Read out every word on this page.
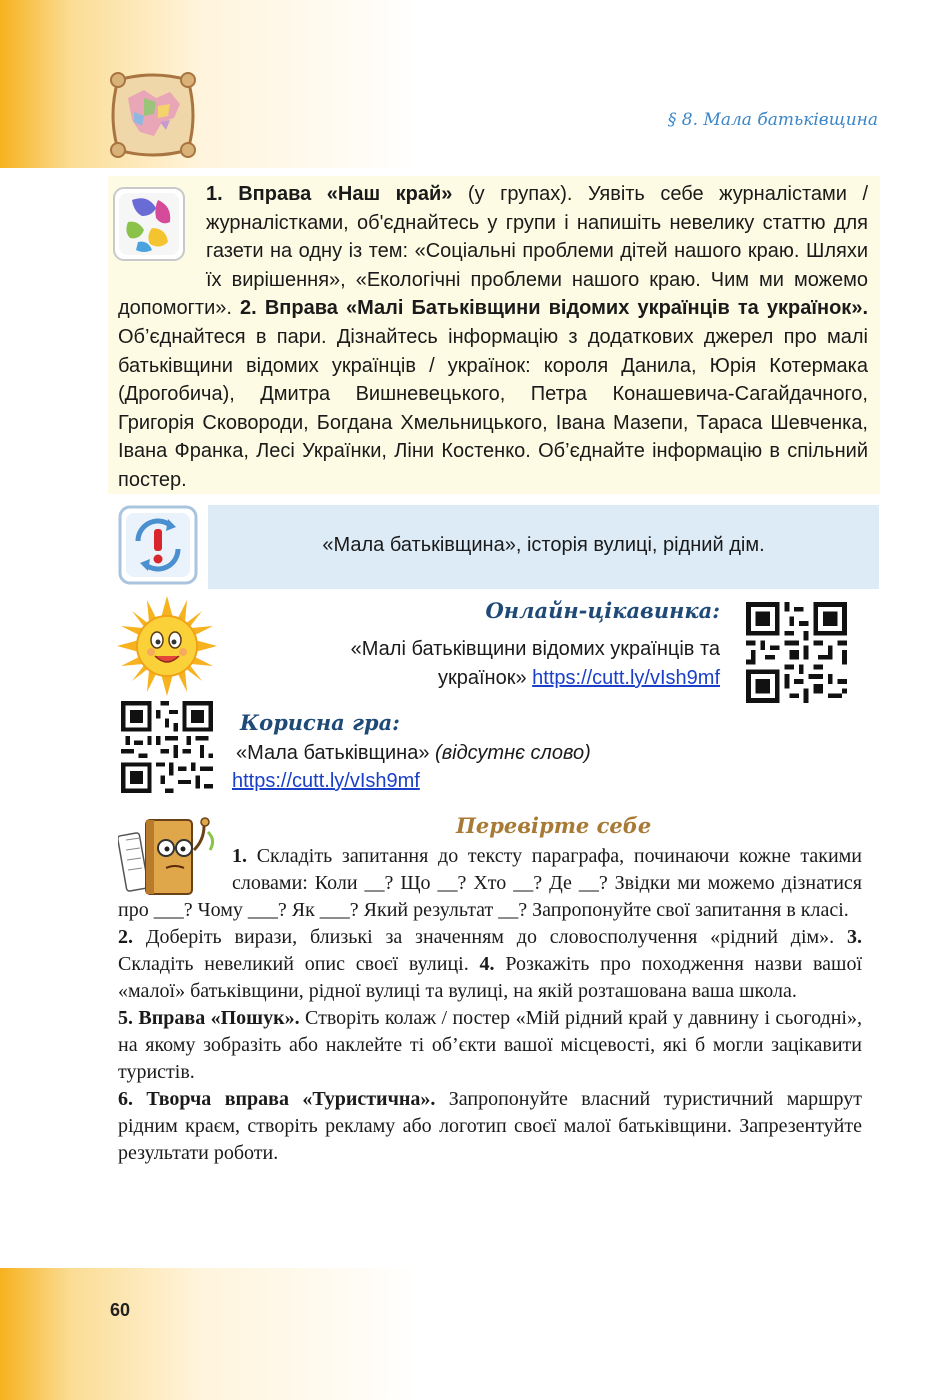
§ 8. Мала батьківщина
1. Вправа «Наш край» (у групах). Уявіть себе журналістами / журналістками, об'єднайтесь у групи і напишіть невелику статтю для газети на одну із тем: «Соціальні проблеми дітей нашого краю. Шляхи їх вирішення», «Екологічні проблеми нашого краю. Чим ми можемо допомогти». 2. Вправа «Малі Батьківщини відомих українців та українок». Об’єднайтеся в пари. Дізнайтесь інформацію з додаткових джерел про малі батьківщини відомих українців / українок: короля Данила, Юрія Котермака (Дрогобича), Дмитра Вишневецького, Петра Конашевича-Сагайдачного, Григорія Сковороди, Богдана Хмельницького, Івана Мазепи, Тараса Шевченка, Івана Франка, Лесі Українки, Ліни Костенко. Об’єднайте інформацію в спільний постер.
«Мала батьківщина», історія вулиці, рідний дім.
Онлайн-цікавинка:
«Малі батьківщини відомих українців та
українок» https://cutt.ly/vIsh9mf
Корисна гра:
«Мала батьківщина» (відсутнє слово)
https://cutt.ly/vIsh9mf
Перевірте себе

1. Складіть запитання до тексту параграфа, починаючи кожне такими словами: Коли __? Що __? Хто __? Де __? Звідки ми можемо дізнатися про ___? Чому ___? Як ___? Який результат __? Запропонуйте свої запитання в класі.

2. Доберіть вирази, близькі за значенням до словосполучення «рідний дім». 3. Складіть невеликий опис своєї вулиці. 4. Розкажіть про походження назви вашої «малої» батьківщини, рідної вулиці та вулиці, на якій розташована ваша школа.

5. Вправа «Пошук». Створіть колаж / постер «Мій рідний край у давнину і сьогодні», на якому зобразіть або наклейте ті об’єкти вашої місцевості, які б могли зацікавити туристів.

6. Творча вправа «Туристична». Запропонуйте власний туристичний маршрут рідним краєм, створіть рекламу або логотип своєї малої батьківщини. Запрезентуйте результати роботи.

60
